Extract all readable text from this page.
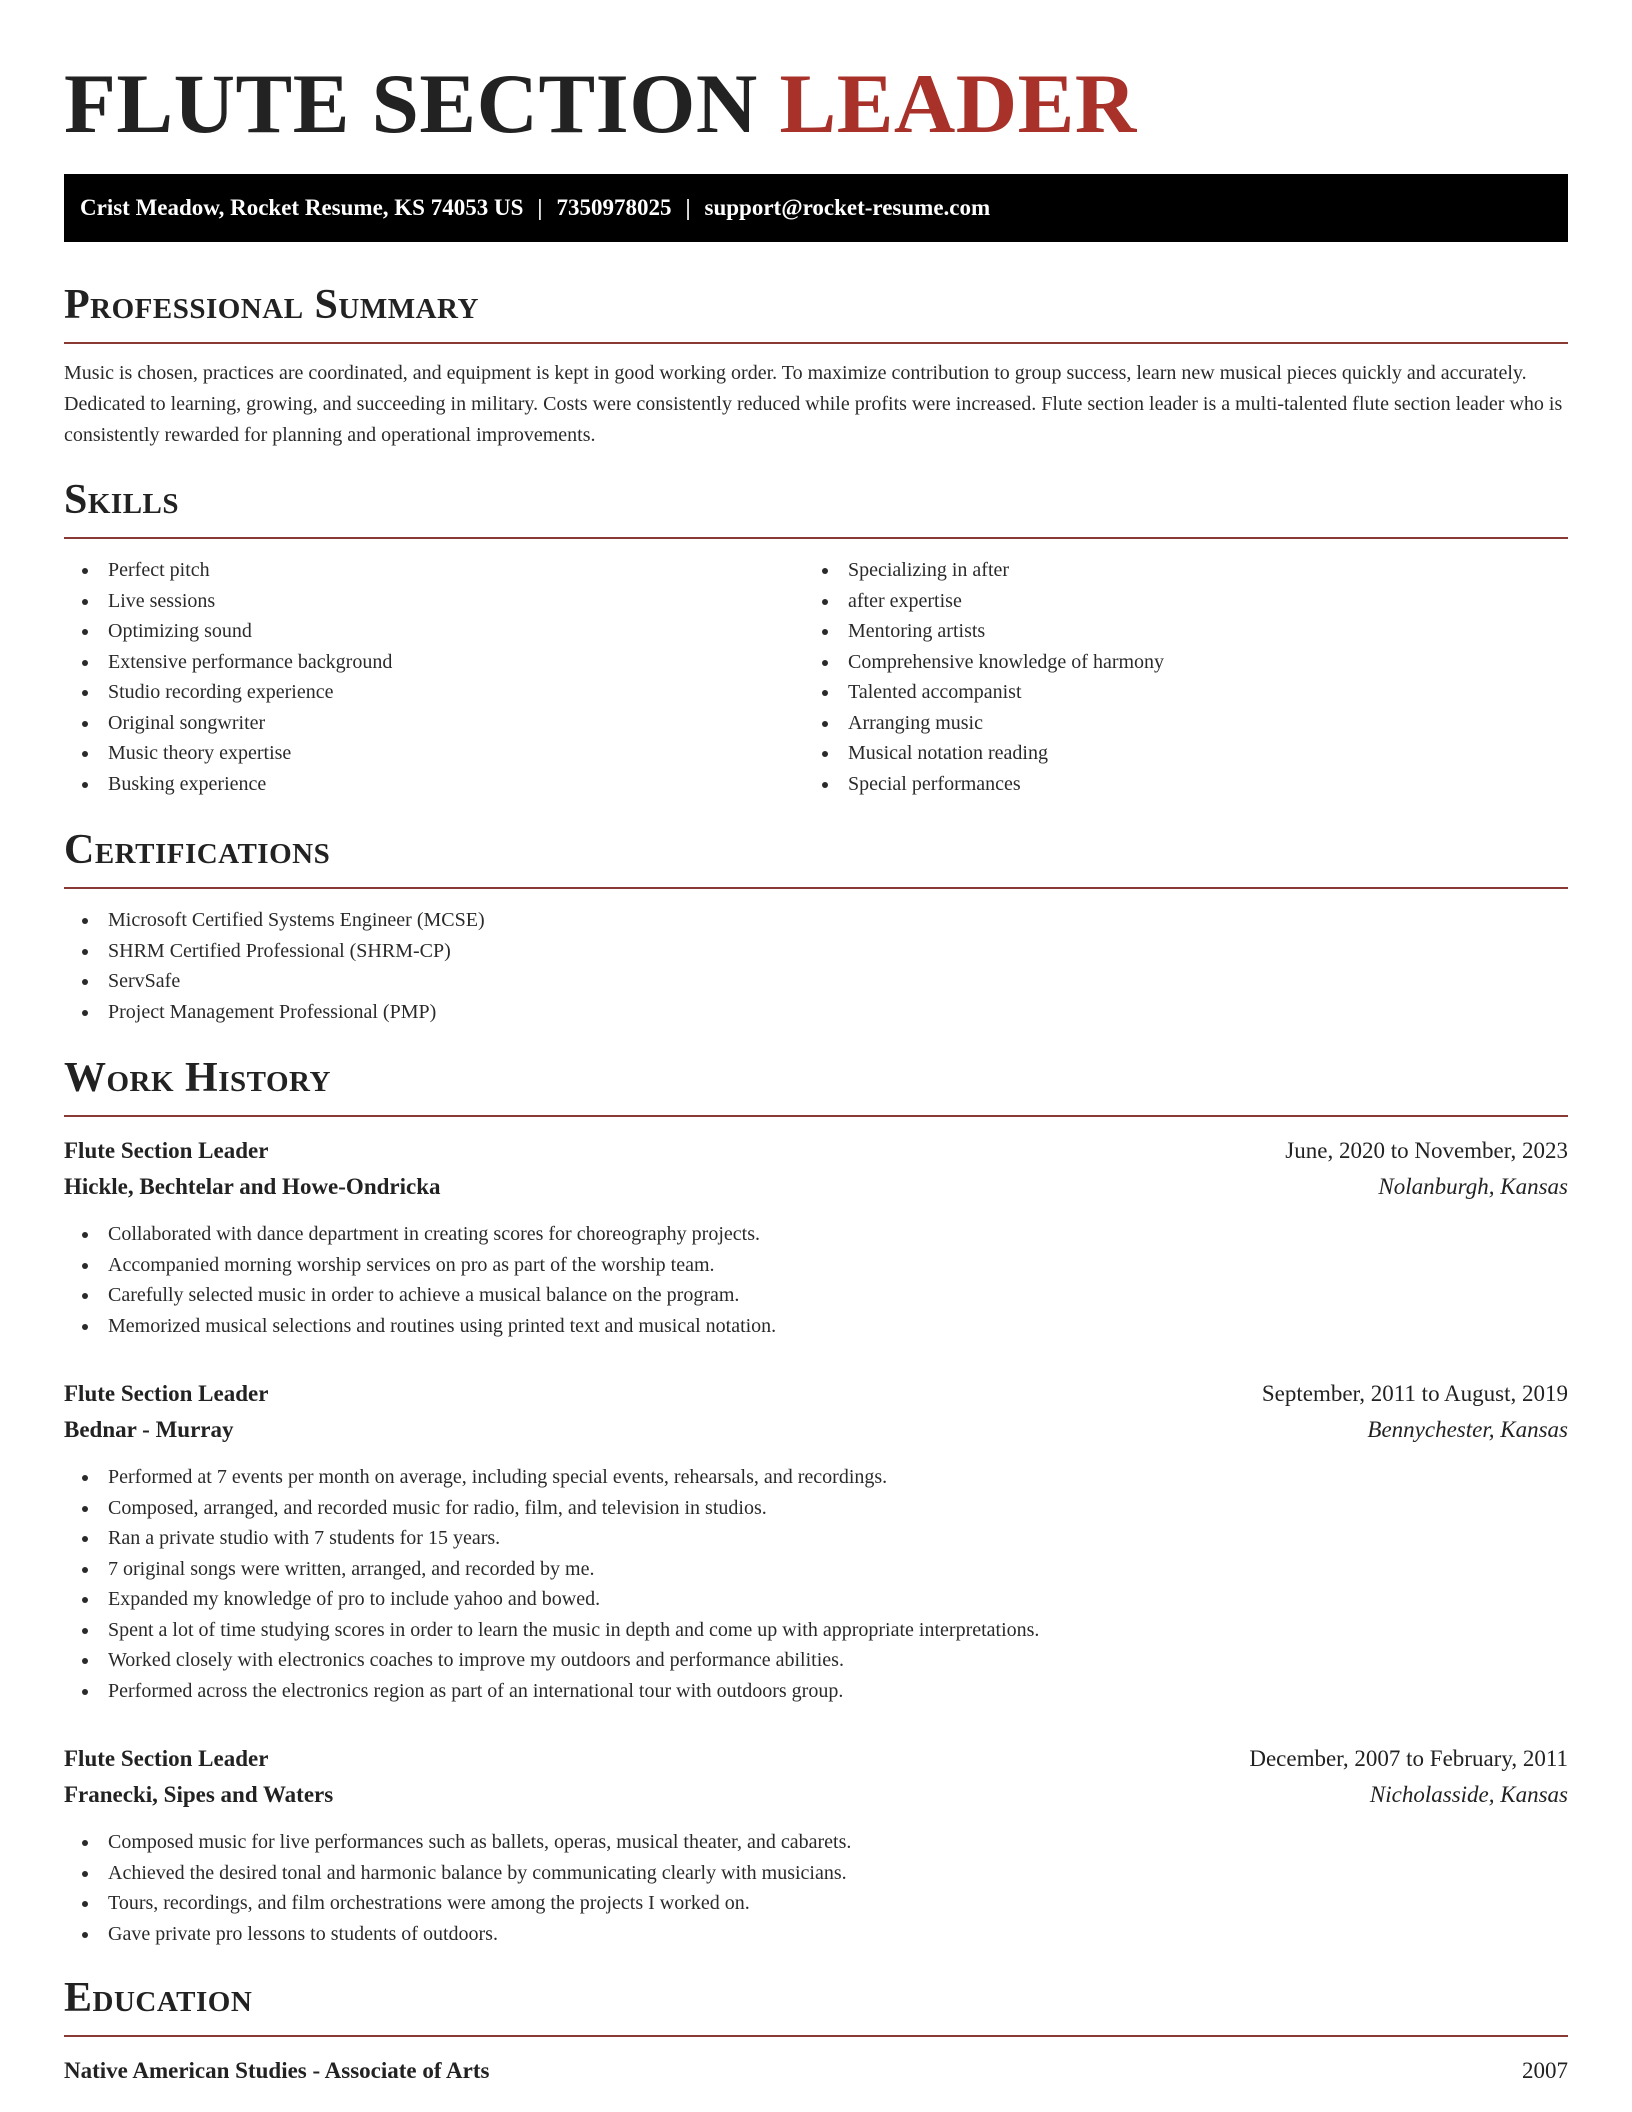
FLUTE SECTION LEADER
Crist Meadow, Rocket Resume, KS 74053 US | 7350978025 | support@rocket-resume.com
Professional Summary

Music is chosen, practices are coordinated, and equipment is kept in good working order. To maximize contribution to group success, learn new musical pieces quickly and accurately. Dedicated to learning, growing, and succeeding in military. Costs were consistently reduced while profits were increased. Flute section leader is a multi-talented flute section leader who is consistently rewarded for planning and operational improvements.

Skills
Perfect pitch
Live sessions
Optimizing sound
Extensive performance background
Studio recording experience
Original songwriter
Music theory expertise
Busking experience
Specializing in after
after expertise
Mentoring artists
Comprehensive knowledge of harmony
Talented accompanist
Arranging music
Musical notation reading
Special performances
Certifications
Microsoft Certified Systems Engineer (MCSE)
SHRM Certified Professional (SHRM-CP)
ServSafe
Project Management Professional (PMP)
Work History
Flute Section Leader	June, 2020 to November, 2023
Hickle, Bechtelar and Howe-Ondricka	Nolanburgh, Kansas
Collaborated with dance department in creating scores for choreography projects.
Accompanied morning worship services on pro as part of the worship team.
Carefully selected music in order to achieve a musical balance on the program.
Memorized musical selections and routines using printed text and musical notation.
Flute Section Leader	September, 2011 to August, 2019
Bednar - Murray	Bennychester, Kansas
Performed at 7 events per month on average, including special events, rehearsals, and recordings.
Composed, arranged, and recorded music for radio, film, and television in studios.
Ran a private studio with 7 students for 15 years.
7 original songs were written, arranged, and recorded by me.
Expanded my knowledge of pro to include yahoo and bowed.
Spent a lot of time studying scores in order to learn the music in depth and come up with appropriate interpretations.
Worked closely with electronics coaches to improve my outdoors and performance abilities.
Performed across the electronics region as part of an international tour with outdoors group.
Flute Section Leader	December, 2007 to February, 2011
Franecki, Sipes and Waters	Nicholasside, Kansas
Composed music for live performances such as ballets, operas, musical theater, and cabarets.
Achieved the desired tonal and harmonic balance by communicating clearly with musicians.
Tours, recordings, and film orchestrations were among the projects I worked on.
Gave private pro lessons to students of outdoors.
Education
Native American Studies - Associate of Arts	2007
